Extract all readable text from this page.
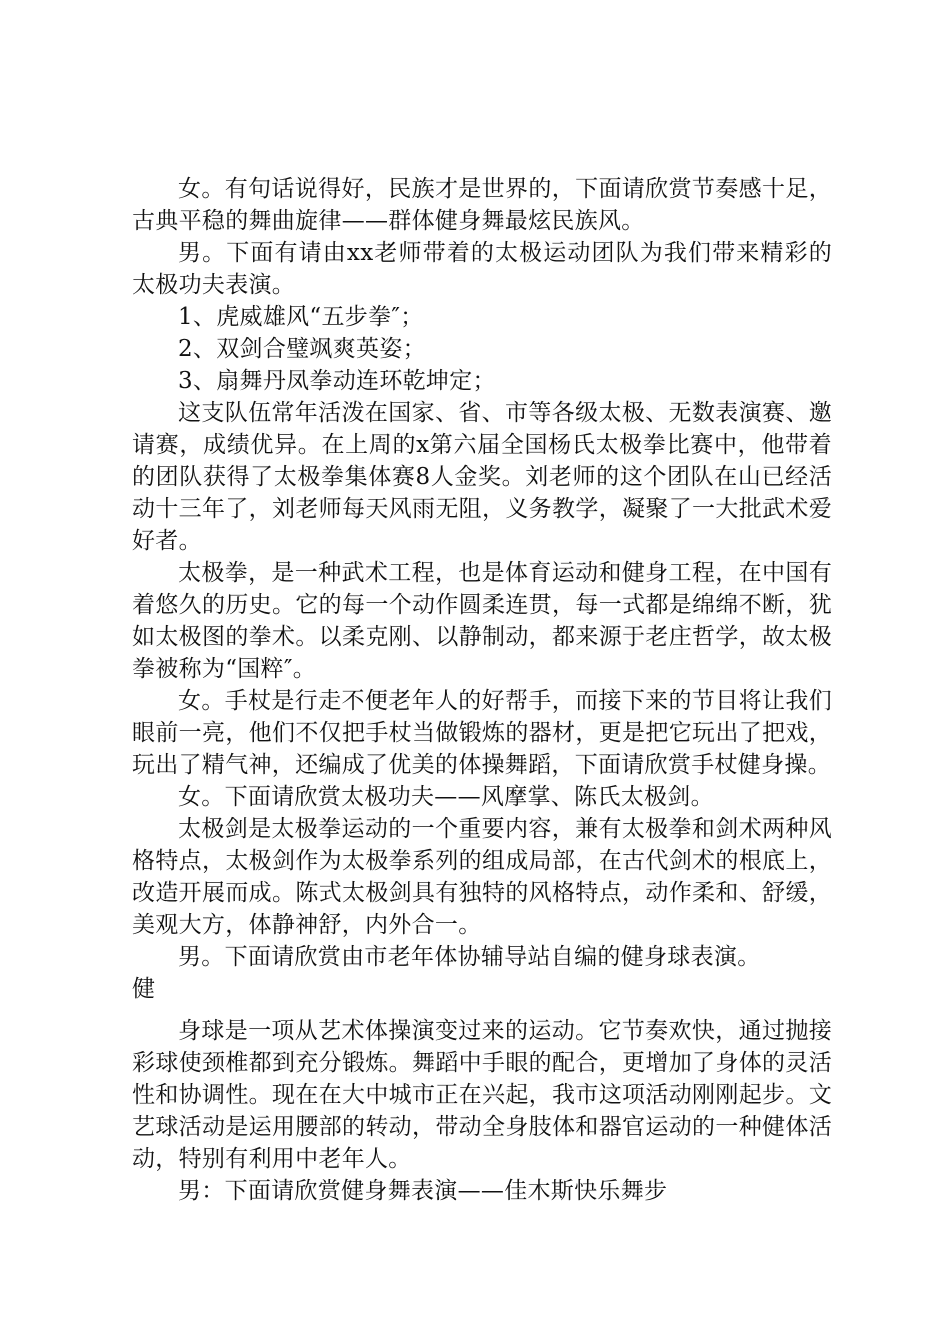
女。有句话说得好，民族才是世界的，下面请欣赏节奏感十足，古典平稳的舞曲旋律——群体健身舞最炫民族风。

男。下面有请由xx老师带着的太极运动团队为我们带来精彩的太极功夫表演。

1、虎威雄风“五步拳″；

2、双剑合璧飒爽英姿；

3、扇舞丹凤拳动连环乾坤定；

这支队伍常年活泼在国家、省、市等各级太极、无数表演赛、邀请赛，成绩优异。在上周的x第六届全国杨氏太极拳比赛中，他带着的团队获得了太极拳集体赛8人金奖。刘老师的这个团队在山已经活动十三年了，刘老师每天风雨无阻，义务教学，凝聚了一大批武术爱好者。

太极拳，是一种武术工程，也是体育运动和健身工程，在中国有着悠久的历史。它的每一个动作圆柔连贯，每一式都是绵绵不断，犹如太极图的拳术。以柔克刚、以静制动，都来源于老庄哲学，故太极拳被称为“国粹″。

女。手杖是行走不便老年人的好帮手，而接下来的节目将让我们眼前一亮，他们不仅把手杖当做锻炼的器材，更是把它玩出了把戏，玩出了精气神，还编成了优美的体操舞蹈，下面请欣赏手杖健身操。

女。下面请欣赏太极功夫——风摩掌、陈氏太极剑。

太极剑是太极拳运动的一个重要内容，兼有太极拳和剑术两种风格特点，太极剑作为太极拳系列的组成局部，在古代剑术的根底上，改造开展而成。陈式太极剑具有独特的风格特点，动作柔和、舒缓，美观大方，体静神舒，内外合一。

男。下面请欣赏由市老年体协辅导站自编的健身球表演。

健

身球是一项从艺术体操演变过来的运动。它节奏欢快，通过抛接彩球使颈椎都到充分锻炼。舞蹈中手眼的配合，更增加了身体的灵活性和协调性。现在在大中城市正在兴起，我市这项活动刚刚起步。文艺球活动是运用腰部的转动，带动全身肢体和器官运动的一种健体活动，特别有利用中老年人。

男：下面请欣赏健身舞表演——佳木斯快乐舞步
